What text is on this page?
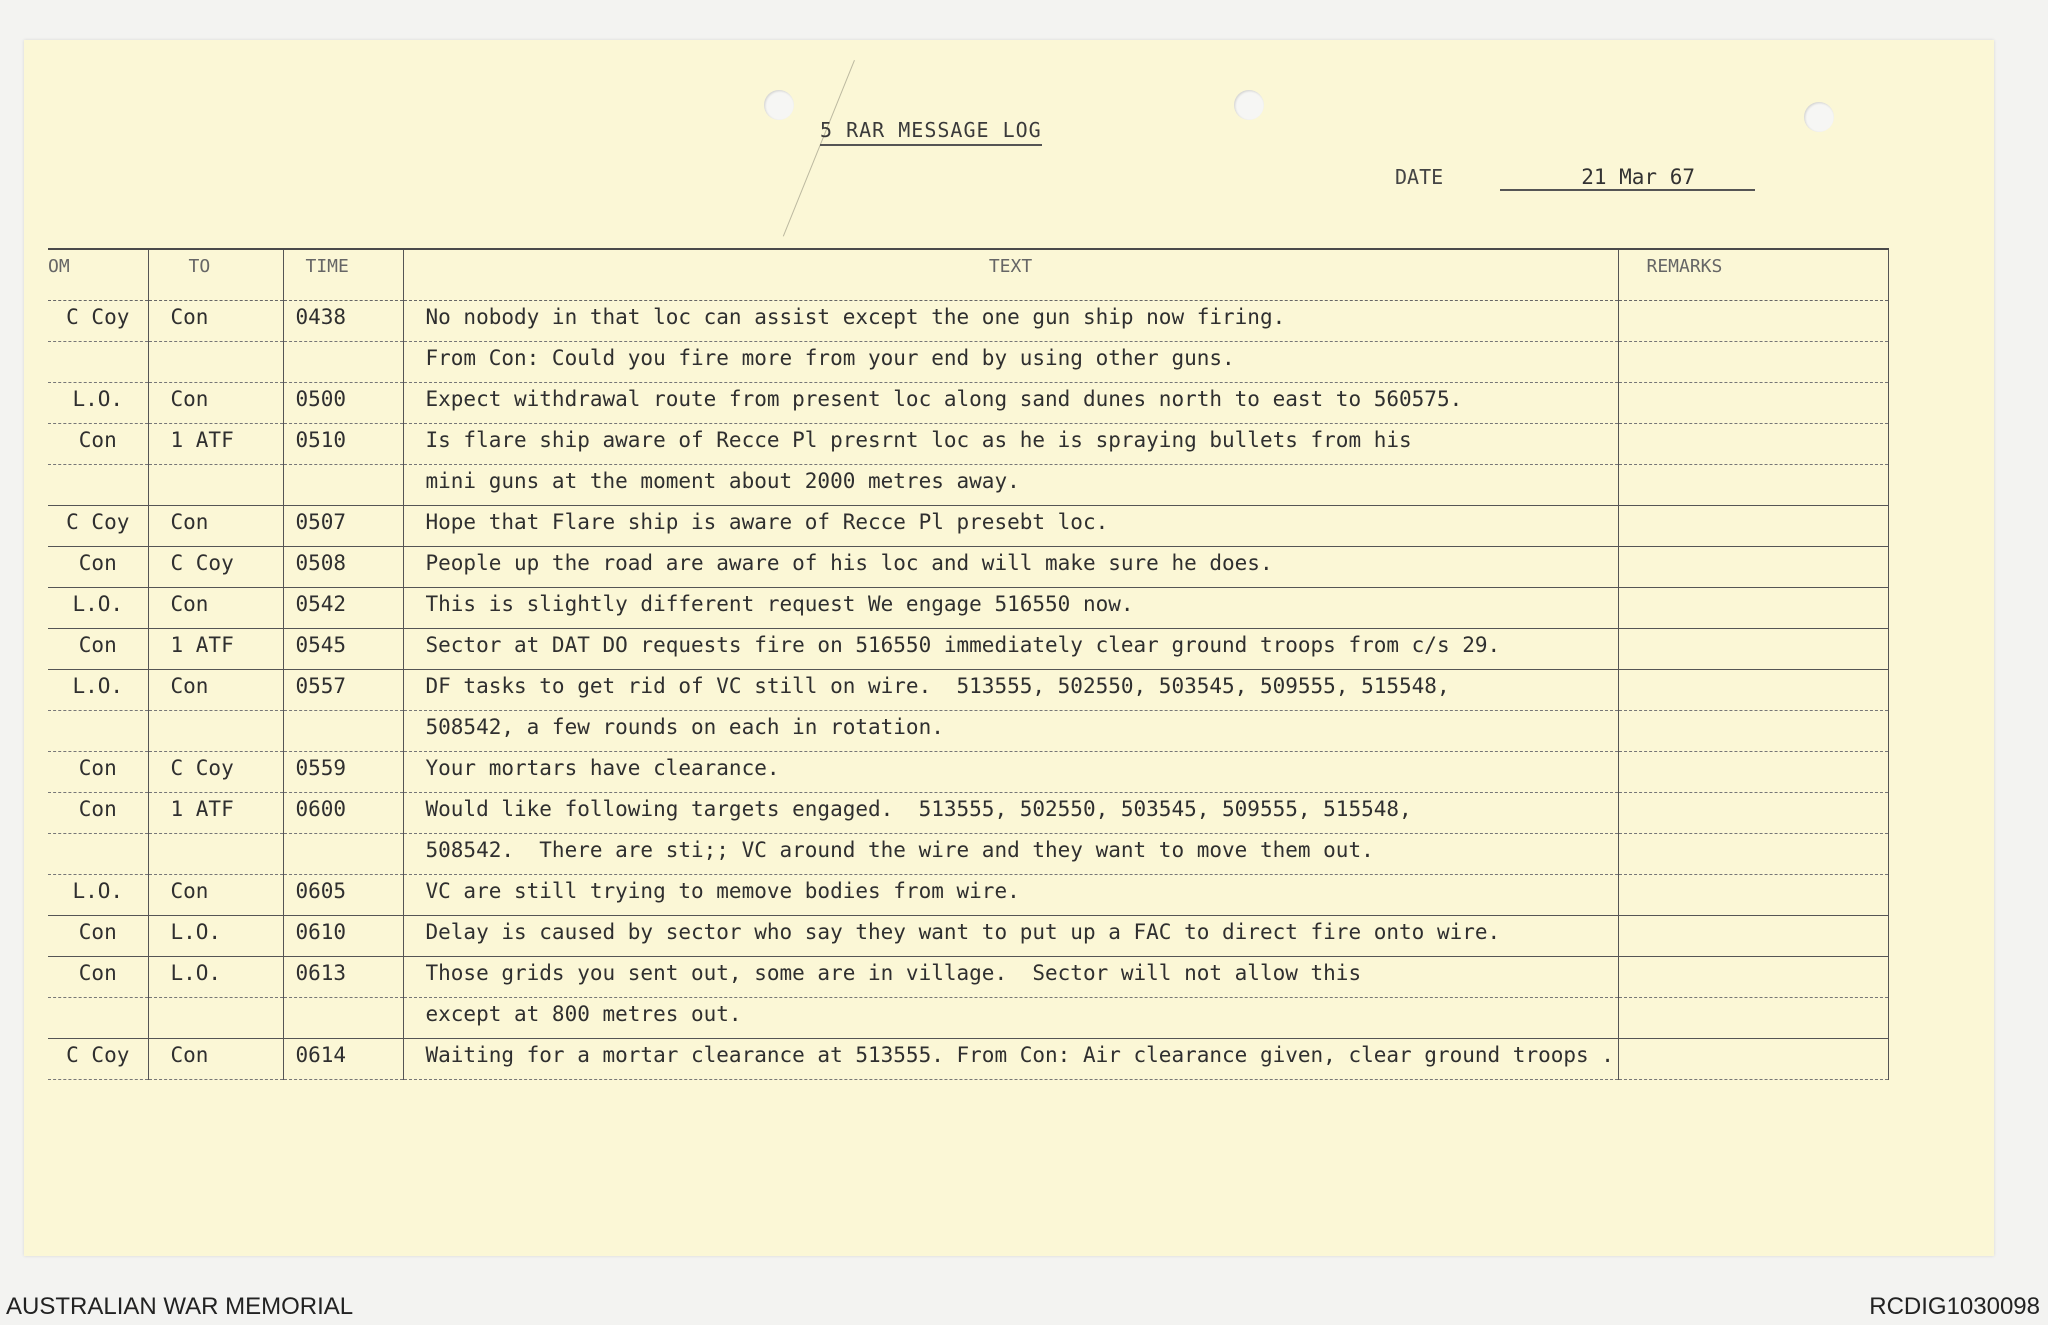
5 RAR MESSAGE LOG
DATE	21 Mar 67
OM	TO	TIME	TEXT	REMARKS
C Coy	Con	0438	No nobody in that loc can assist except the one gun ship now firing.	
			From Con: Could you fire more from your end by using other guns.	
L.O.	Con	0500	Expect withdrawal route from present loc along sand dunes north to east to 560575.	
Con	1 ATF	0510	Is flare ship aware of Recce Pl presrnt loc as he is spraying bullets from his	
			mini guns at the moment about 2000 metres away.	
C Coy	Con	0507	Hope that Flare ship is aware of Recce Pl presebt loc.	
Con	C Coy	0508	People up the road are aware of his loc and will make sure he does.	
L.O.	Con	0542	This is slightly different request We engage 516550 now.	
Con	1 ATF	0545	Sector at DAT DO requests fire on 516550 immediately clear ground troops from c/s 29.	
L.O.	Con	0557	DF tasks to get rid of VC still on wire.  513555, 502550, 503545, 509555, 515548,	
			508542, a few rounds on each in rotation.	
Con	C Coy	0559	Your mortars have clearance.	
Con	1 ATF	0600	Would like following targets engaged.  513555, 502550, 503545, 509555, 515548,	
			508542.  There are sti;; VC around the wire and they want to move them out.	
L.O.	Con	0605	VC are still trying to memove bodies from wire.	
Con	L.O.	0610	Delay is caused by sector who say they want to put up a FAC to direct fire onto wire.	
Con	L.O.	0613	Those grids you sent out, some are in village.  Sector will not allow this	
			except at 800 metres out.	
C Coy	Con	0614	Waiting for a mortar clearance at 513555. From Con: Air clearance given, clear ground troops .	
AUSTRALIAN WAR MEMORIAL	RCDIG1030098
